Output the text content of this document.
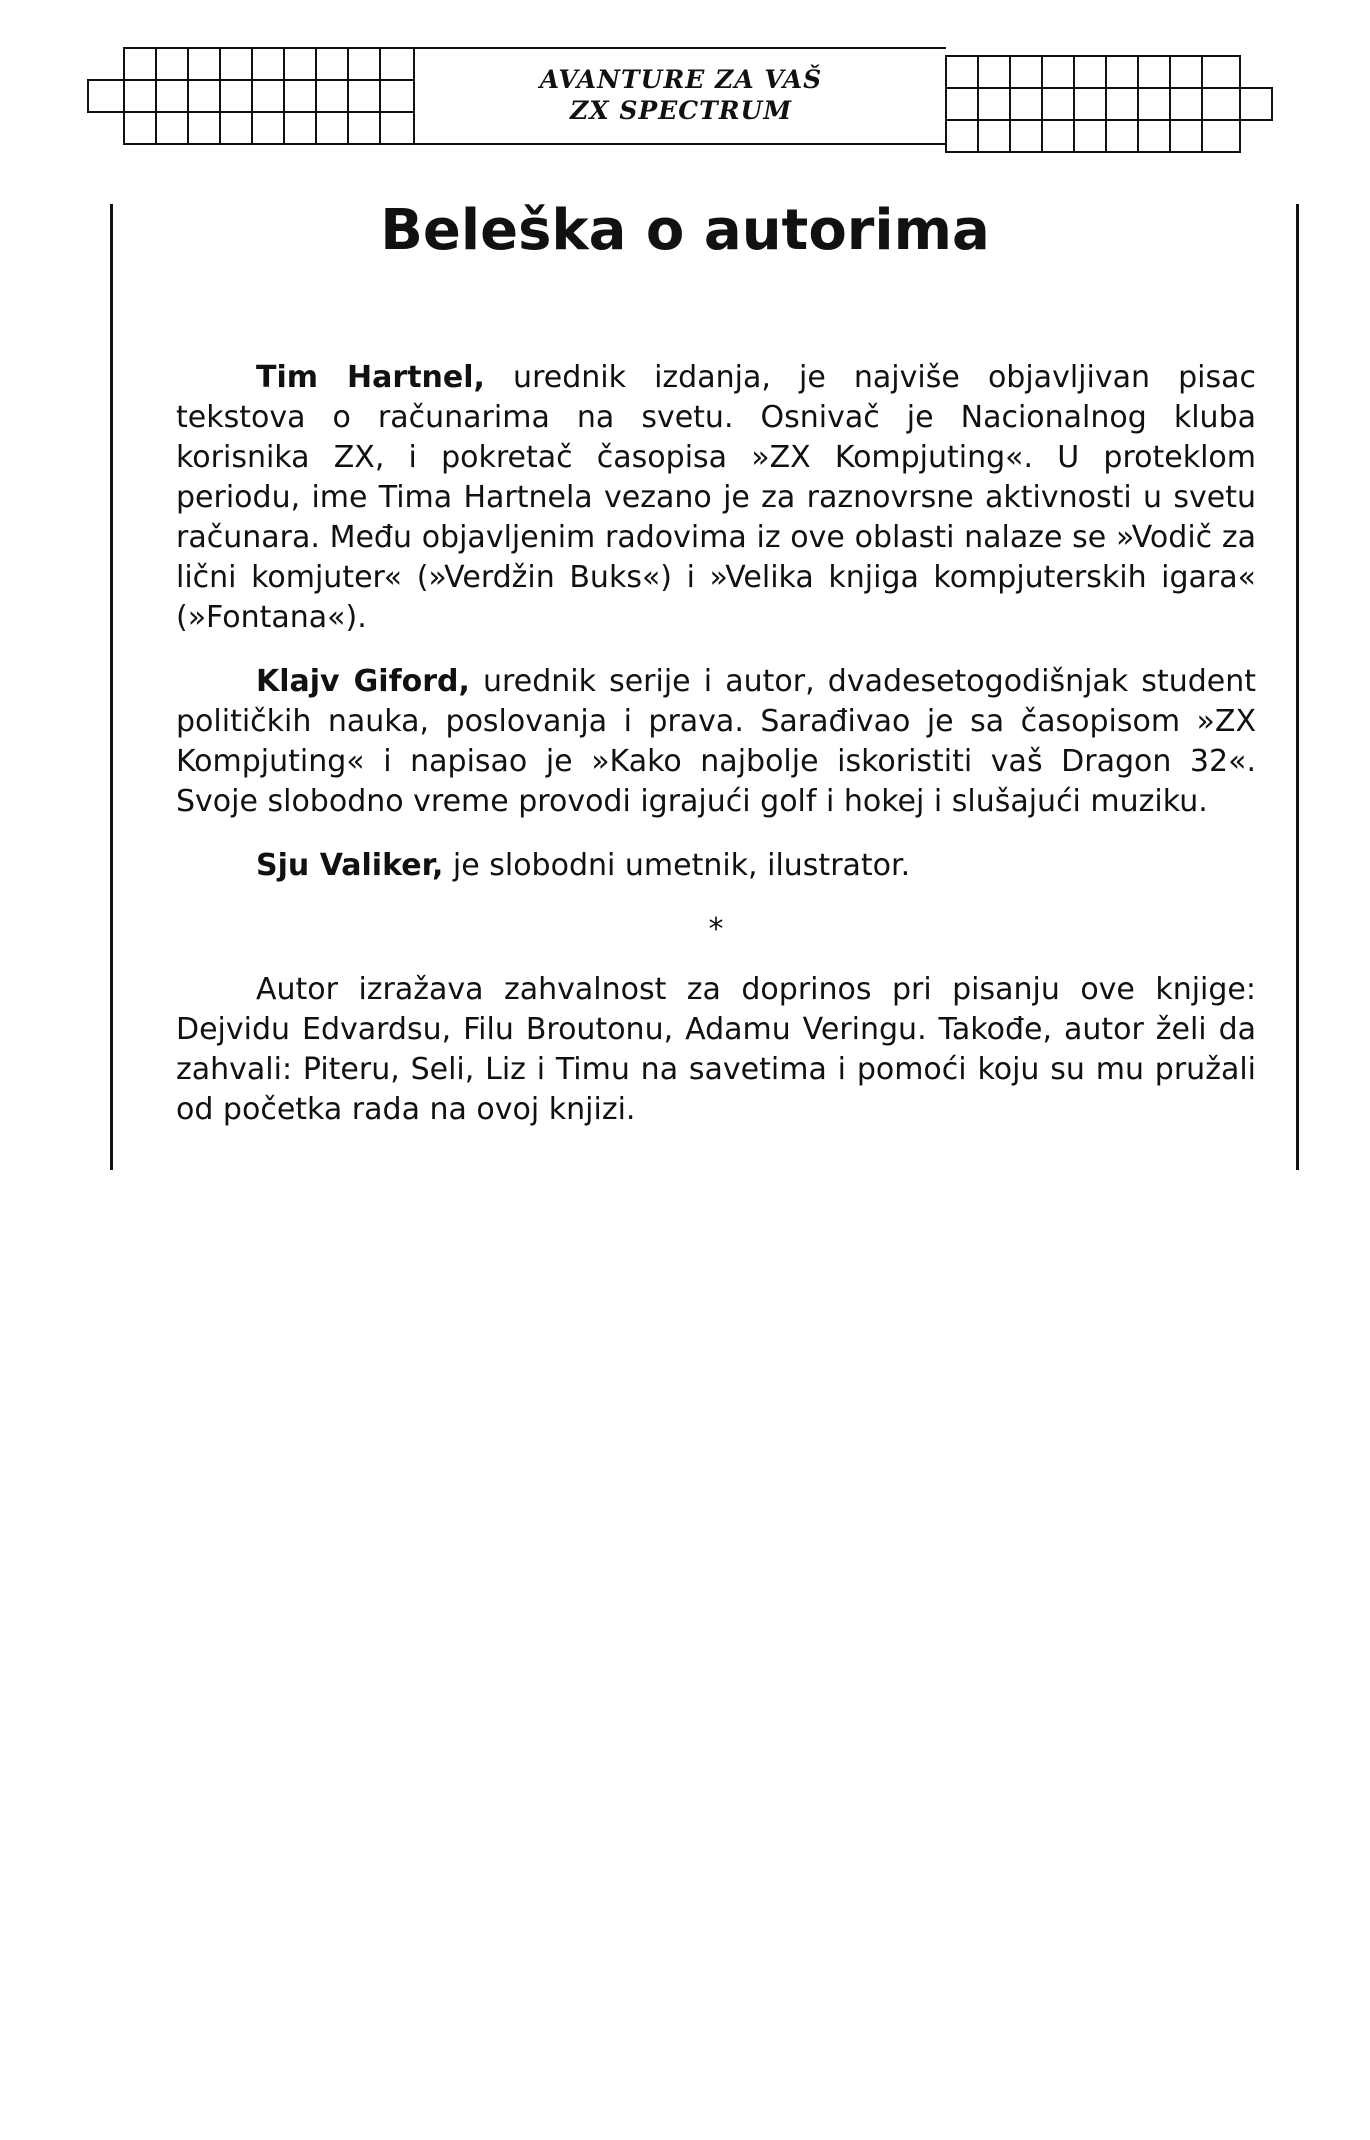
AVANTURE ZA VAŠ
ZX SPECTRUM
Beleška o autorima

Tim Hartnel, urednik izdanja, je najviše objavljivan pisac tekstova o računarima na svetu. Osnivač je Nacionalnog kluba korisnika ZX, i pokretač časopisa »ZX Kompjuting«. U proteklom periodu, ime Tima Hartnela vezano je za raznovrsne aktivnosti u svetu računara. Među objavljenim radovima iz ove oblasti nalaze se »Vodič za lični komjuter« (»Verdžin Buks«) i »Velika knjiga kompjuterskih igara« (»Fontana«).

Klajv Giford, urednik serije i autor, dvadesetogodišnjak student političkih nauka, poslovanja i prava. Sarađivao je sa časopisom »ZX Kompjuting« i napisao je »Kako najbolje iskoristiti vaš Dragon 32«. Svoje slobodno vreme provodi igrajući golf i hokej i slušajući muziku.

Sju Valiker, je slobodni umetnik, ilustrator.

*

Autor izražava zahvalnost za doprinos pri pisanju ove knjige: Dejvidu Edvardsu, Filu Broutonu, Adamu Veringu. Takođe, autor želi da zahvali: Piteru, Seli, Liz i Timu na savetima i pomoći koju su mu pružali od početka rada na ovoj knjizi.
